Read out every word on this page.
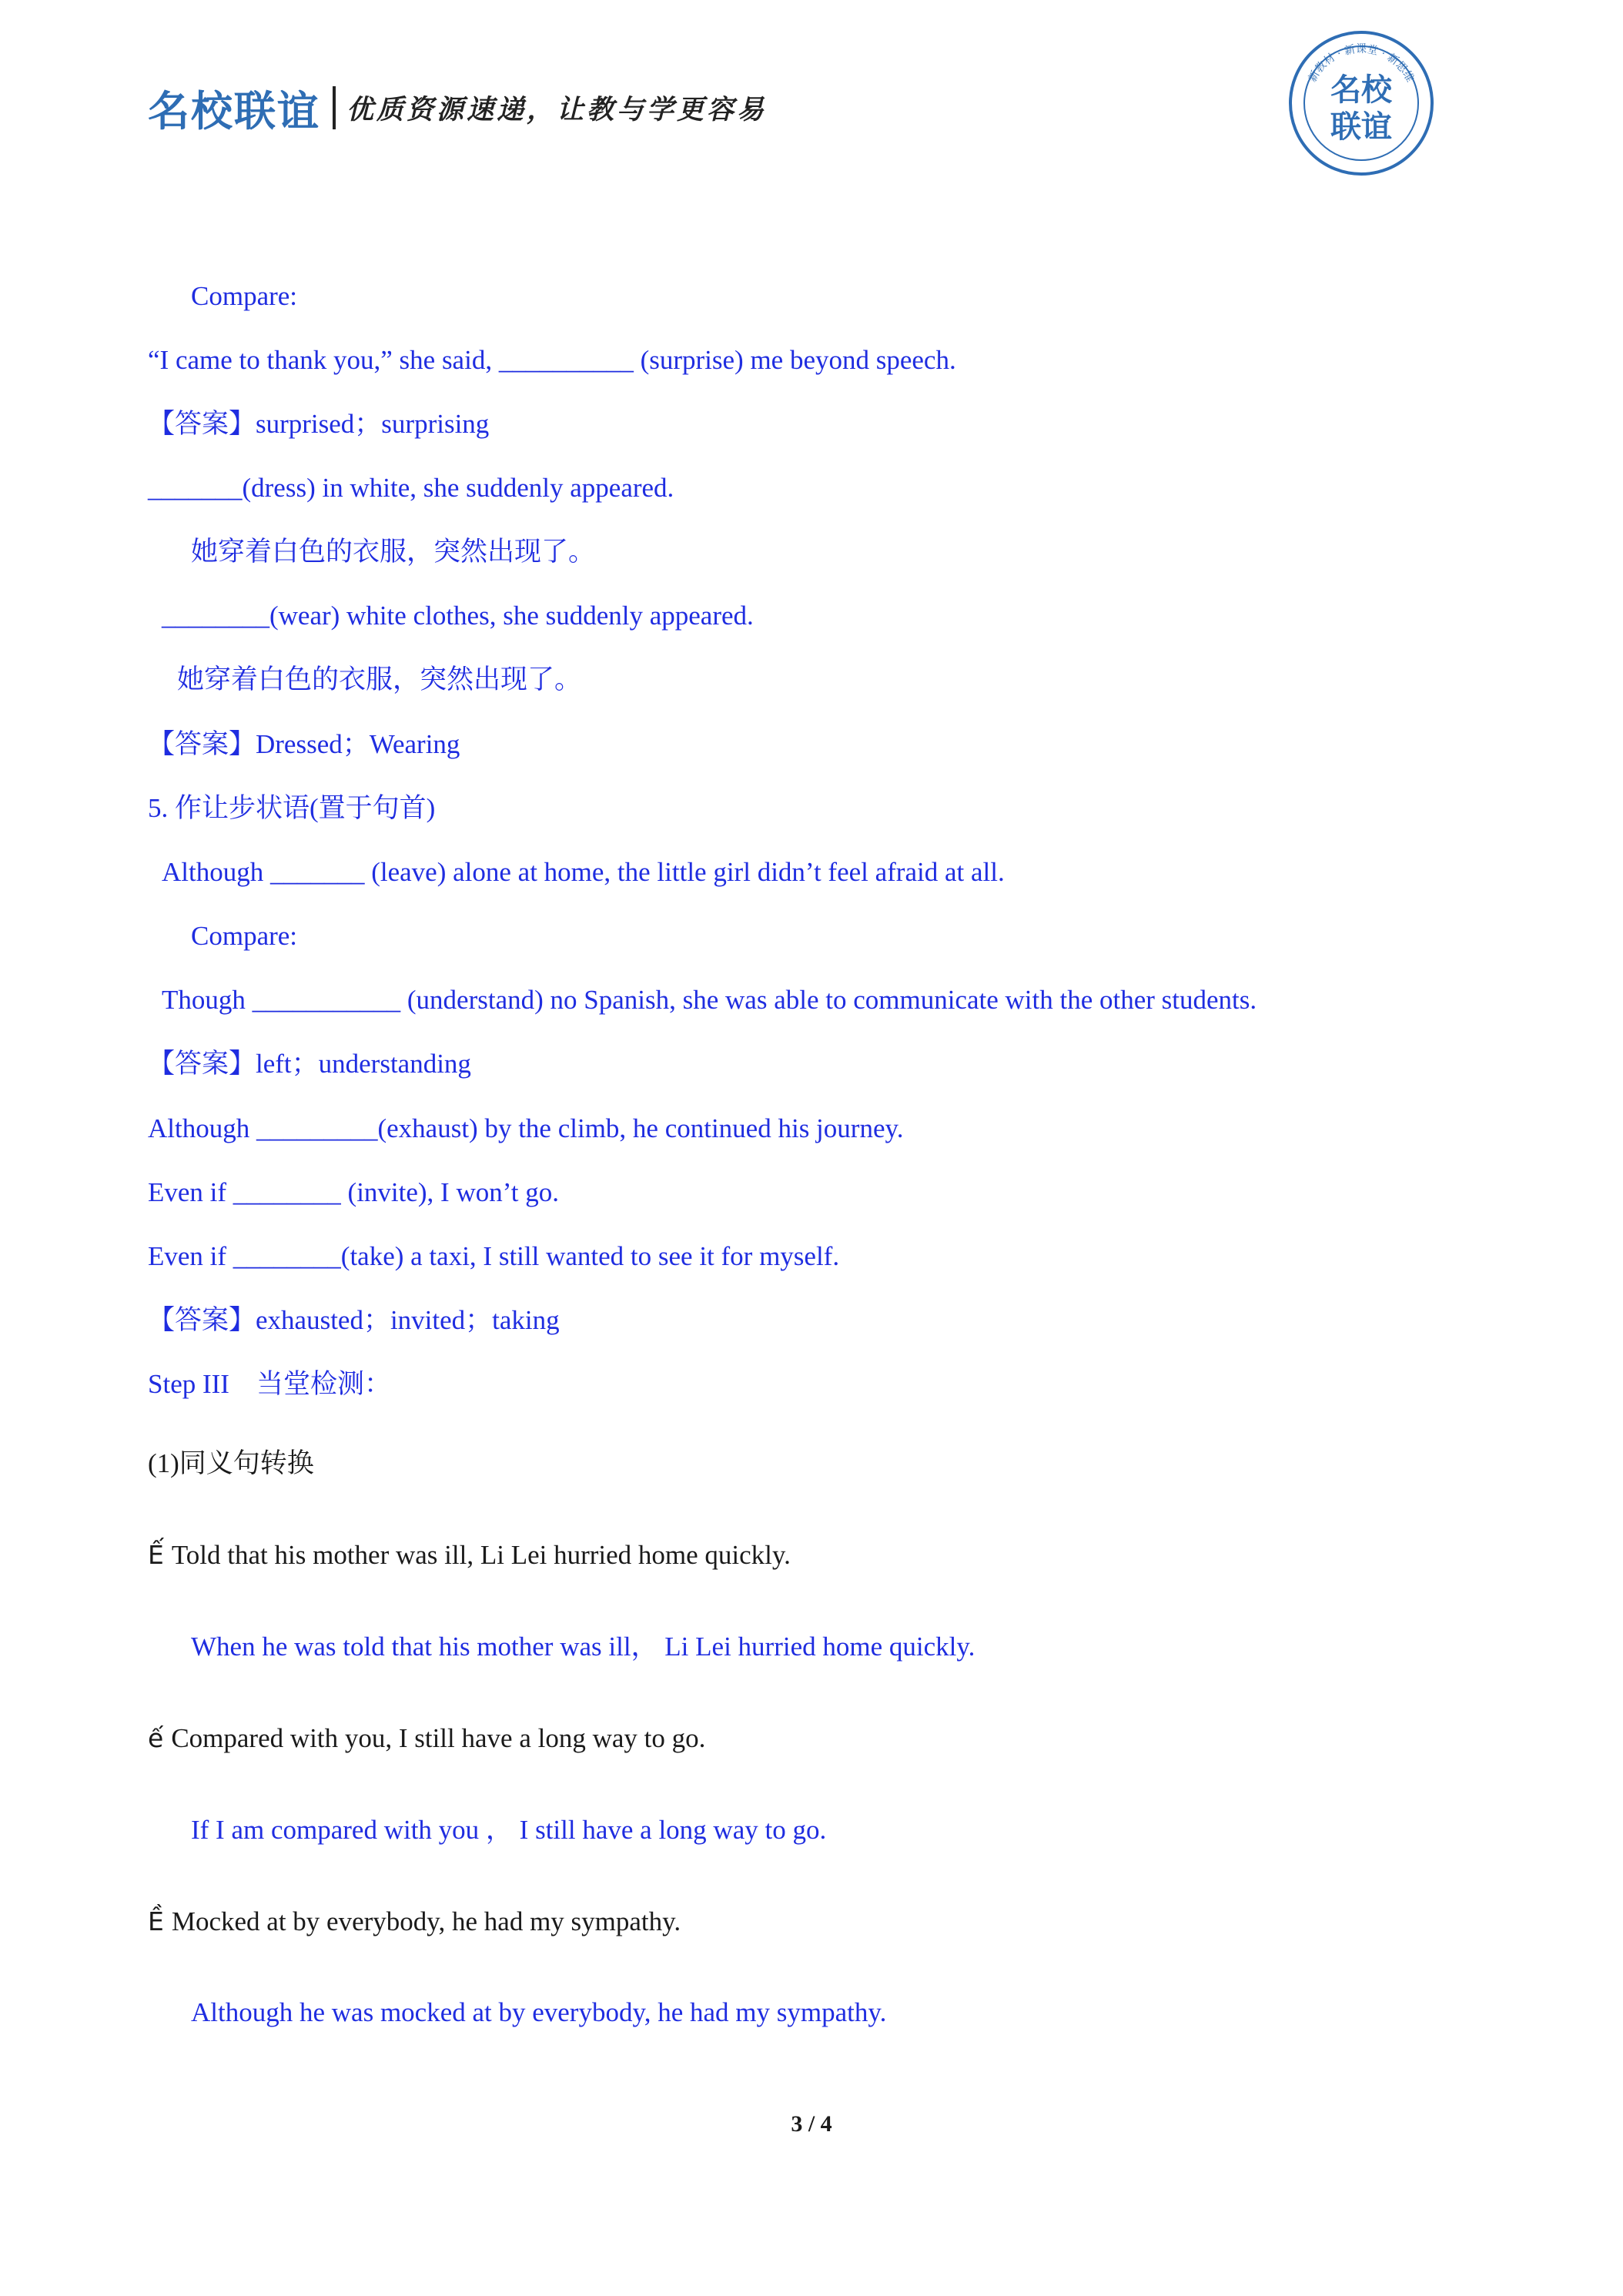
名校联谊 优质资源速递，让教与学更容易
新教材 · 新课堂 · 新思维
名校
联谊
Compare:
“I came to thank you,” she said, __________ (surprise) me beyond speech.
【答案】surprised；surprising
_______(dress) in white, she suddenly appeared.
她穿着白色的衣服，突然出现了。
________(wear) white clothes, she suddenly appeared.
她穿着白色的衣服，突然出现了。
【答案】Dressed；Wearing
5. 作让步状语(置于句首)
Although _______ (leave) alone at home, the little girl didn’t feel afraid at all.
Compare:
Though ___________ (understand) no Spanish, she was able to communicate with the other students.
【答案】left；understanding
Although _________(exhaust) by the climb, he continued his journey.
Even if ________ (invite), I won’t go.
Even if ________(take) a taxi, I still wanted to see it for myself.
【答案】exhausted；invited；taking
Step III　当堂检测：
(1)同义句转换
Ế Told that his mother was ill, Li Lei hurried home quickly.
When he was told that his mother was ill， Li Lei hurried home quickly.
ế Compared with you, I still have a long way to go.
If I am compared with you ， I still have a long way to go.
Ề Mocked at by everybody, he had my sympathy.
Although he was mocked at by everybody, he had my sympathy.
3 / 4
